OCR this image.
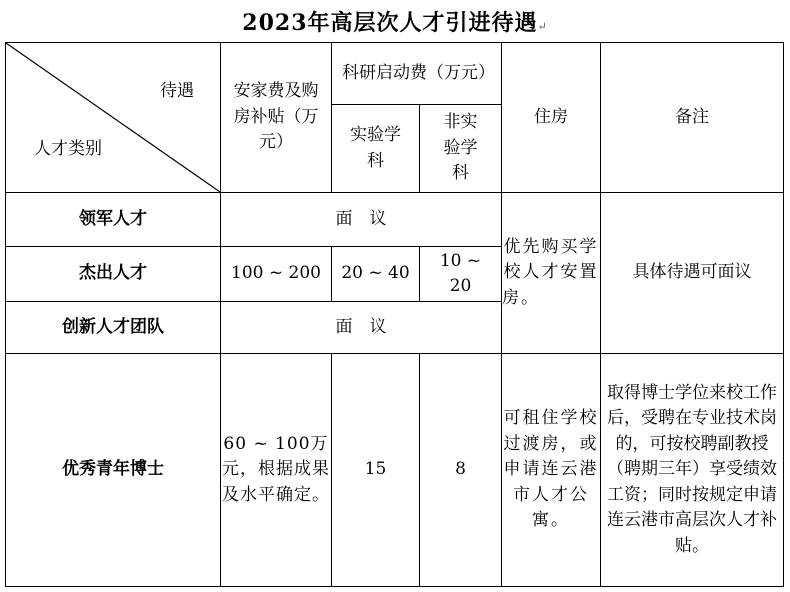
2023年高层次人才引进待遇↵
待遇
人才类别	安家费及购房补贴（万元）	科研启动费（万元）		住房	备注
		实验学科	非实验学科		
领军人才	面　议			优先购买学校人才安置房。	具体待遇可面议
杰出人才	100 ~ 200	20 ~ 40	10 ~ 20		
创新人才团队	面　议				
优秀青年博士	60 ~ 100万元，根据成果及水平确定。	15	8	可租住学校过渡房，或申请连云港市人才公寓。	取得博士学位来校工作后，受聘在专业技术岗的，可按校聘副教授（聘期三年）享受绩效工资；同时按规定申请连云港市高层次人才补贴。
